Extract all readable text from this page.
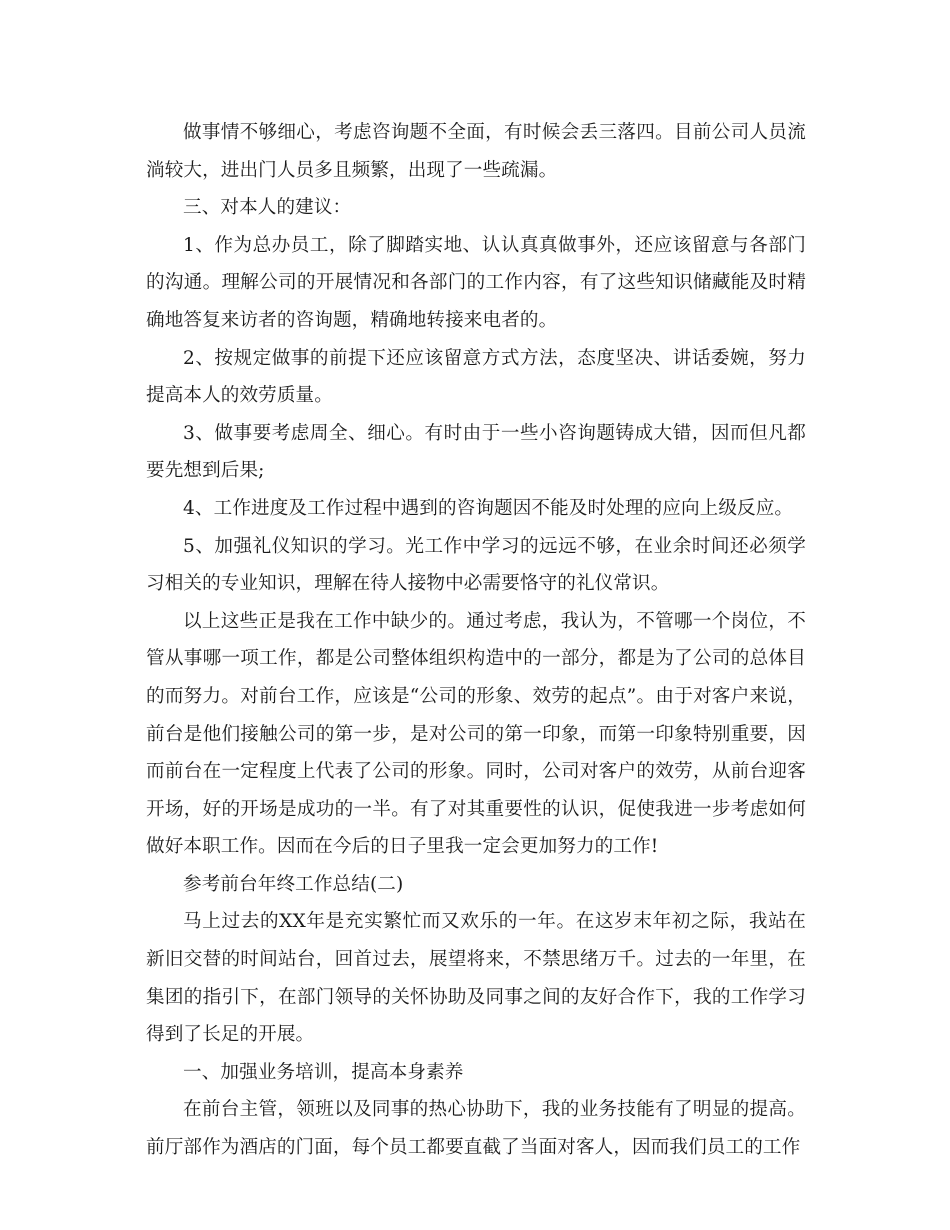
做事情不够细心，考虑咨询题不全面，有时候会丢三落四。目前公司人员流淌较大，进出门人员多且频繁，出现了一些疏漏。

三、对本人的建议：

1、作为总办员工，除了脚踏实地、认认真真做事外，还应该留意与各部门的沟通。理解公司的开展情况和各部门的工作内容，有了这些知识储藏能及时精确地答复来访者的咨询题，精确地转接来电者的。

2、按规定做事的前提下还应该留意方式方法，态度坚决、讲话委婉，努力提高本人的效劳质量。

3、做事要考虑周全、细心。有时由于一些小咨询题铸成大错，因而但凡都要先想到后果;

4、工作进度及工作过程中遇到的咨询题因不能及时处理的应向上级反应。

5、加强礼仪知识的学习。光工作中学习的远远不够，在业余时间还必须学习相关的专业知识，理解在待人接物中必需要恪守的礼仪常识。

以上这些正是我在工作中缺少的。通过考虑，我认为，不管哪一个岗位，不管从事哪一项工作，都是公司整体组织构造中的一部分，都是为了公司的总体目的而努力。对前台工作，应该是“公司的形象、效劳的起点”。由于对客户来说，前台是他们接触公司的第一步，是对公司的第一印象，而第一印象特别重要，因而前台在一定程度上代表了公司的形象。同时，公司对客户的效劳，从前台迎客开场，好的开场是成功的一半。有了对其重要性的认识，促使我进一步考虑如何做好本职工作。因而在今后的日子里我一定会更加努力的工作!

参考前台年终工作总结(二)

马上过去的XX年是充实繁忙而又欢乐的一年。在这岁末年初之际，我站在新旧交替的时间站台，回首过去，展望将来，不禁思绪万千。过去的一年里，在集团的指引下，在部门领导的关怀协助及同事之间的友好合作下，我的工作学习得到了长足的开展。

一、加强业务培训，提高本身素养

在前台主管，领班以及同事的热心协助下，我的业务技能有了明显的提高。前厅部作为酒店的门面，每个员工都要直截了当面对客人，因而我们员工的工作
